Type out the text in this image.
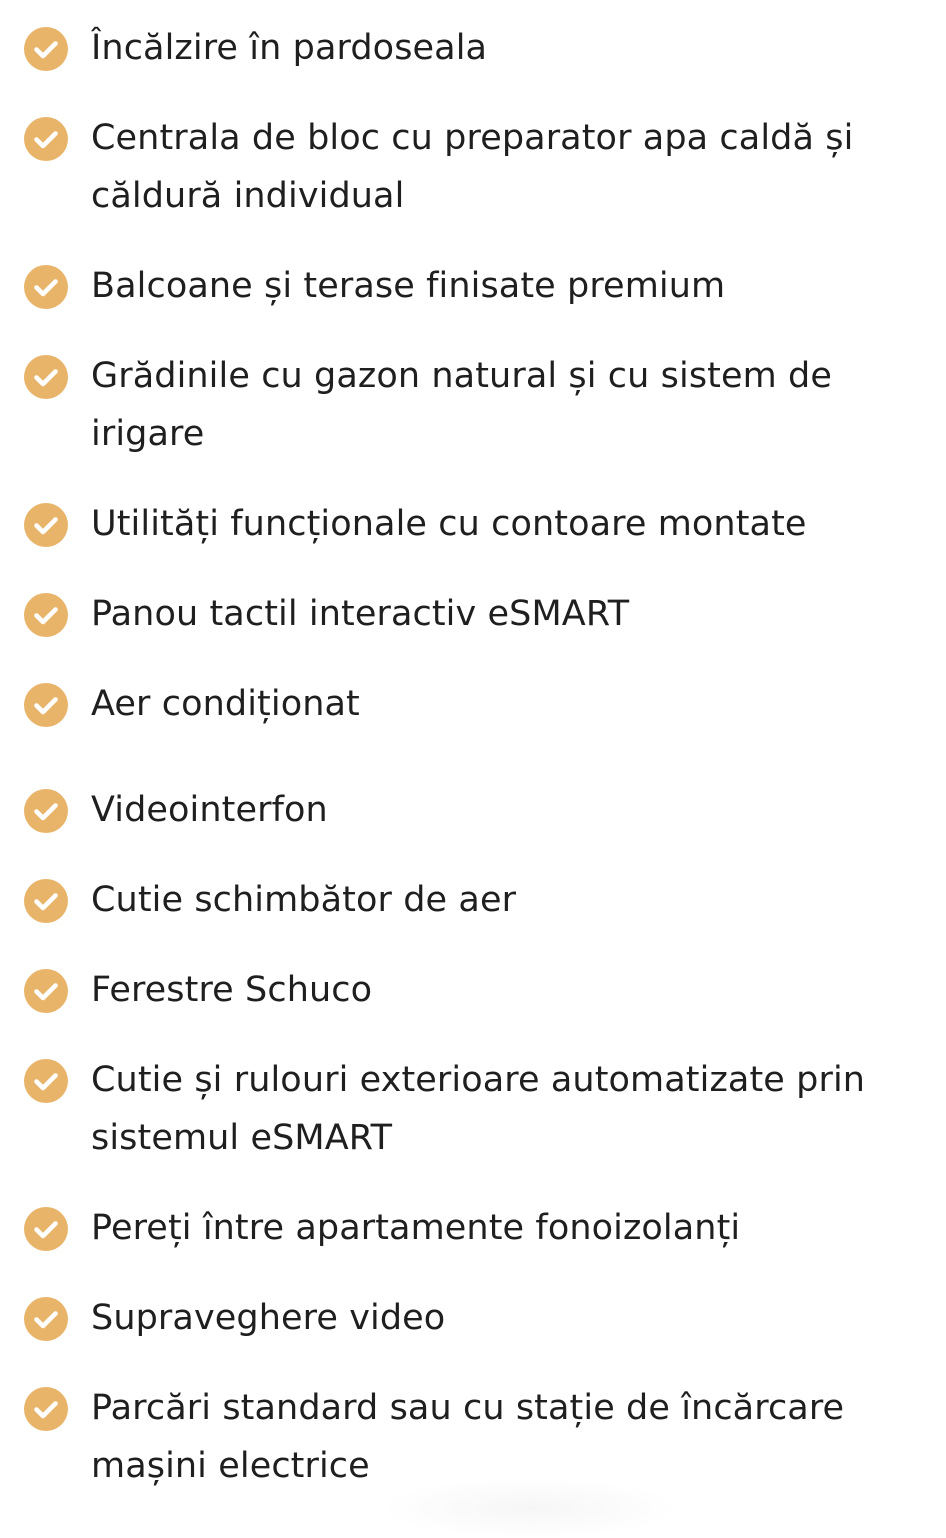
Încălzire în pardoseala
Centrala de bloc cu preparator apa caldă și căldură individual
Balcoane și terase finisate premium
Grădinile cu gazon natural și cu sistem de irigare
Utilități funcționale cu contoare montate
Panou tactil interactiv eSMART
Aer condiționat
Videointerfon
Cutie schimbător de aer
Ferestre Schuco
Cutie și rulouri exterioare automatizate prin sistemul eSMART
Pereți între apartamente fonoizolanți
Supraveghere video
Parcări standard sau cu stație de încărcare mașini electrice
